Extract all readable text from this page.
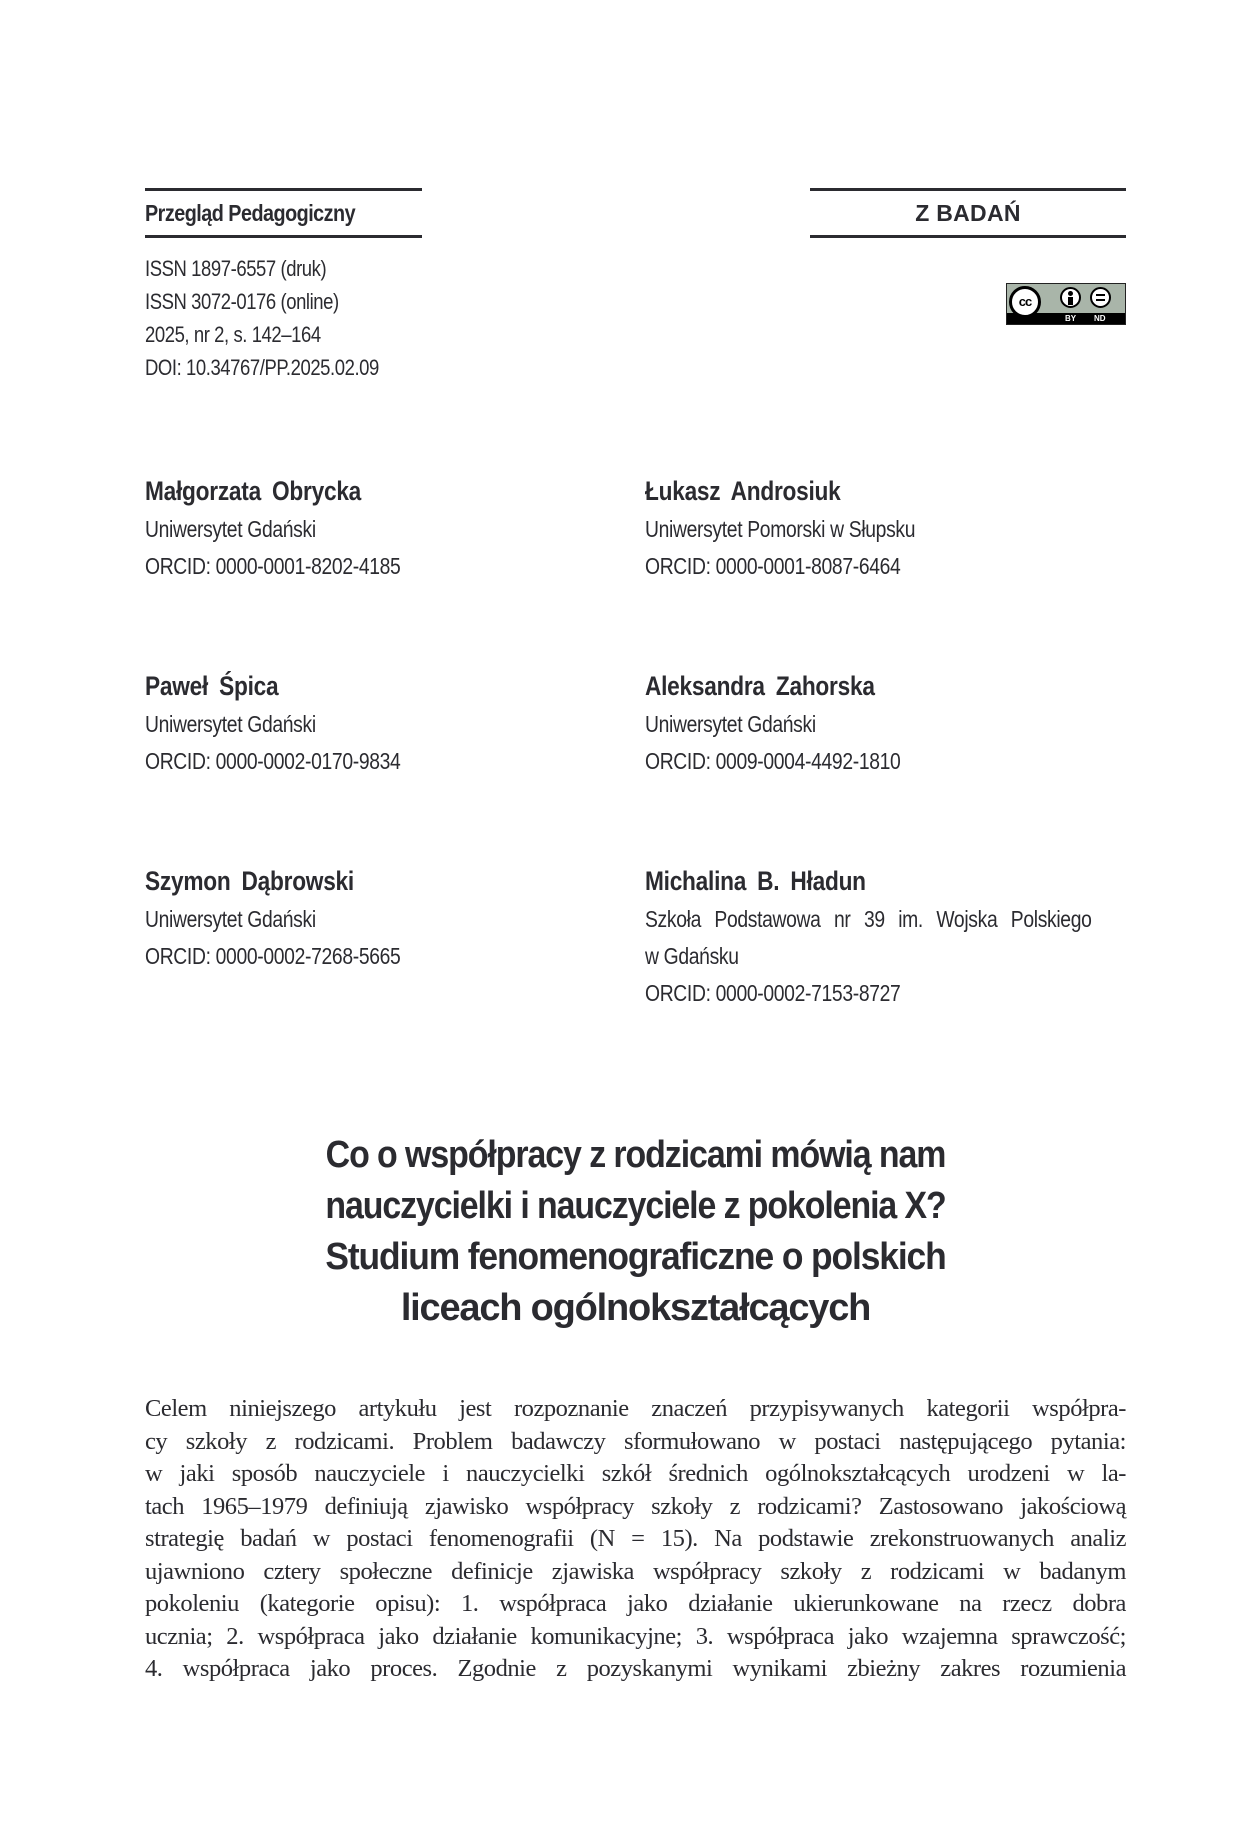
Przegląd Pedagogiczny
ISSN 1897-6557 (druk)
ISSN 3072-0176 (online)
2025, nr 2, s. 142–164
DOI: 10.34767/PP.2025.02.09
Z BADAŃ
cc
BY ND
Małgorzata Obrycka
Uniwersytet Gdański
ORCID: 0000-0001-8202-4185
Łukasz Androsiuk
Uniwersytet Pomorski w Słupsku
ORCID: 0000-0001-8087-6464
Paweł Śpica
Uniwersytet Gdański
ORCID: 0000-0002-0170-9834
Aleksandra Zahorska
Uniwersytet Gdański
ORCID: 0009-0004-4492-1810
Szymon Dąbrowski
Uniwersytet Gdański
ORCID: 0000-0002-7268-5665
Michalina B. Hładun
Szkoła Podstawowa nr 39 im. Wojska Polskiego
w Gdańsku
ORCID: 0000-0002-7153-8727
Co o współpracy z rodzicami mówią nam
nauczycielki i nauczyciele z pokolenia X?
Studium fenomenograficzne o polskich
liceach ogólnokształcących
Celem niniejszego artykułu jest rozpoznanie znaczeń przypisywanych kategorii współpra-
cy szkoły z rodzicami. Problem badawczy sformułowano w postaci następującego pytania:
w jaki sposób nauczyciele i nauczycielki szkół średnich ogólnokształcących urodzeni w la-
tach 1965–1979 definiują zjawisko współpracy szkoły z rodzicami? Zastosowano jakościową
strategię badań w postaci fenomenografii (N = 15). Na podstawie zrekonstruowanych analiz
ujawniono cztery społeczne definicje zjawiska współpracy szkoły z rodzicami w badanym
pokoleniu (kategorie opisu): 1. współpraca jako działanie ukierunkowane na rzecz dobra
ucznia; 2. współpraca jako działanie komunikacyjne; 3. współpraca jako wzajemna sprawczość;
4. współpraca jako proces. Zgodnie z pozyskanymi wynikami zbieżny zakres rozumienia
